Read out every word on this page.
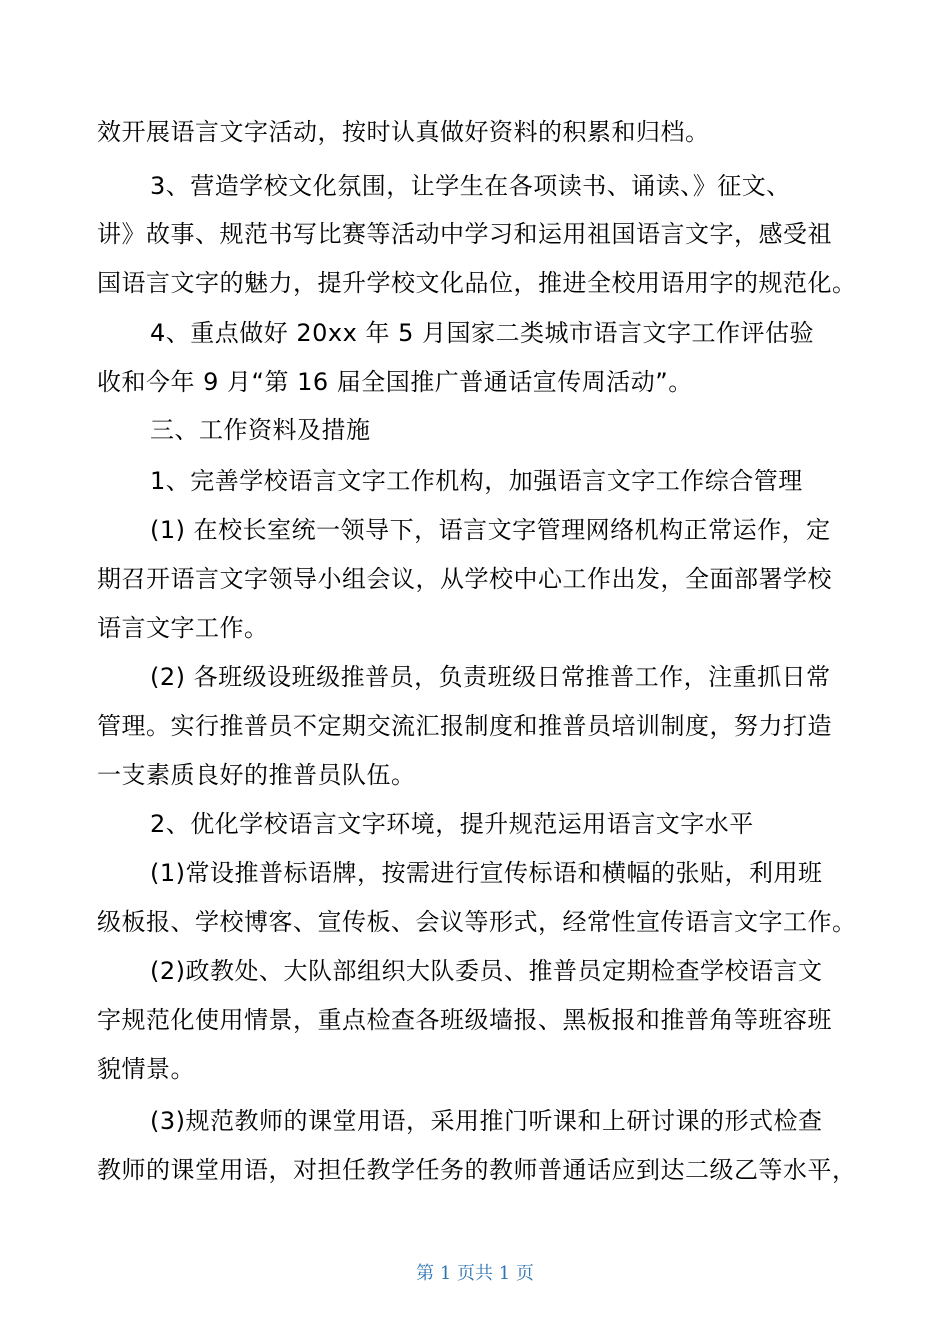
效开展语言文字活动，按时认真做好资料的积累和归档。
3、营造学校文化氛围，让学生在各项读书、诵读、》征文、
讲》故事、规范书写比赛等活动中学习和运用祖国语言文字，感受祖
国语言文字的魅力，提升学校文化品位，推进全校用语用字的规范化。
4、重点做好 20xx 年 5 月国家二类城市语言文字工作评估验
收和今年 9 月“第 16 届全国推广普通话宣传周活动”。
三、工作资料及措施
1、完善学校语言文字工作机构，加强语言文字工作综合管理
(1) 在校长室统一领导下，语言文字管理网络机构正常运作，定
期召开语言文字领导小组会议，从学校中心工作出发，全面部署学校
语言文字工作。
(2) 各班级设班级推普员，负责班级日常推普工作，注重抓日常
管理。实行推普员不定期交流汇报制度和推普员培训制度，努力打造
一支素质良好的推普员队伍。
2、优化学校语言文字环境，提升规范运用语言文字水平
(1)常设推普标语牌，按需进行宣传标语和横幅的张贴，利用班
级板报、学校博客、宣传板、会议等形式，经常性宣传语言文字工作。
(2)政教处、大队部组织大队委员、推普员定期检查学校语言文
字规范化使用情景，重点检查各班级墙报、黑板报和推普角等班容班
貌情景。
(3)规范教师的课堂用语，采用推门听课和上研讨课的形式检查
教师的课堂用语，对担任教学任务的教师普通话应到达二级乙等水平，
第 1 页共 1 页
